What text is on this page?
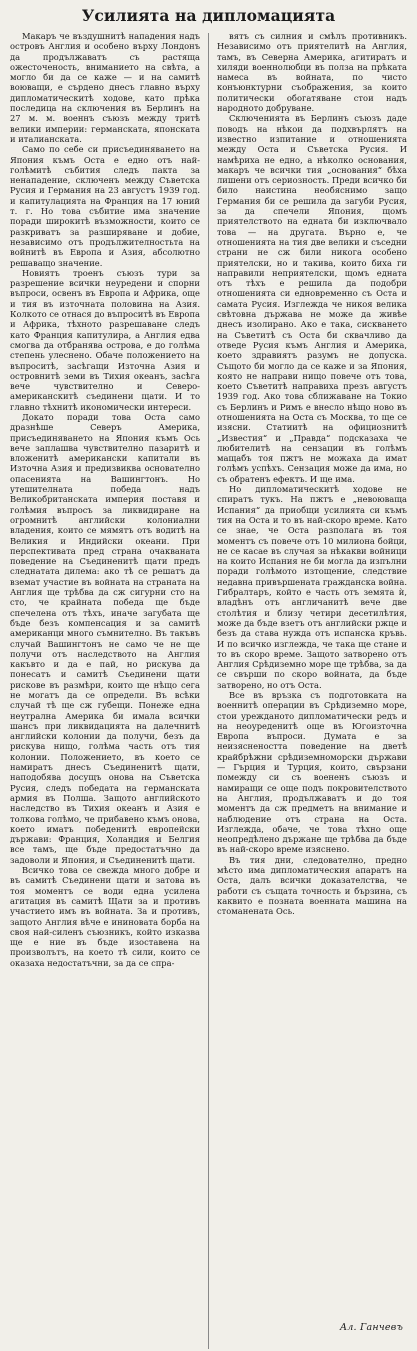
Усилията на дипломацията

Макаръ че въздушнитѣ нападения надъ островъ Англия и особено върху Лондонъ да продължаватъ съ растяща ожесточеность, вниманието на свѣта, а могло би да се каже — и на самитѣ воюващи, е сърдено днесъ главно върху дипломатическитѣ ходове, като прѣка последица на сключения въ Берлинъ на 27 м. м. военнъ съюзъ между тритѣ велики империи: германската, японската и италианската.

Само по себе си присъединяването на Япония къмъ Оста е едно отъ най-голѣмитѣ събития следъ пакта за ненападение, сключенъ между Съветска Русия и Германия на 23 августъ 1939 год. и капитулацията на Франция на 17 юний т. г. Но това събитие има значение поради широкитѣ възможности, които се разкриватъ за разширяване и добие, независимо отъ продължителностьта на войнитѣ въ Европа и Азия, абсолютно решаващо значение.

Новиятъ троенъ съюзъ тури за разрешение всички неуредени и спорни въпроси, освенъ въ Европа и Африка, още и тия въ източната половина на Азия. Колкото се отнася до въпроситѣ въ Европа и Африка, тѣхното разрешаване следъ като Франция капитулира, а Англия едва смогва да отбранява острова, е до голѣма степень улеснено. Обаче положението на въпроситѣ, засѣгащи Източна Азия и островнитѣ земи въ Тихия океанъ, засѣга вече чувствително и Северо-американскитѣ съединени щати. И то главно тѣхнитѣ икономически интереси.

Докато поради това Оста само дразнѣше Северъ Америка, присъединяването на Япония къмъ Ось вече заплашва чувствително пазаритѣ и вложенитѣ американски капитали въ Източна Азия и предизвиква основателно опасенията на Вашингтонъ. Но утешителната победа надъ Великобританската империя поставя и голѣмия въпросъ за ликвидиране на огромнитѣ английски колониални владения, които се мямятъ отъ водитѣ на Великия и Индийски океани. При перспективата пред страна очакваната поведение на Съединенитѣ щати предъ следнатата дилема: ако тѣ се решатъ да вземат участие въ войната на страната на Англия ще трѣбва да сж сигурни сто на сто, че крайната победа ще бъде спечелена отъ тѣхъ, иначе загубата ще бъде безъ компенсация и за самитѣ американци много съмнително. Въ такъвъ случай Вашингтонъ не само че не ще получи отъ наследството на Англия какъвто и да е пай, но рискува да понесатъ и самитѣ Съединени щати рискове въ размѣри, които ще нѣщо сега не могатъ да се определи. Въ всѣки случай тѣ ще сж губещи. Понеже една неутрална Америка би имала всички шансъ при ликвидацията на далечнитѣ английски колонии да получи, безъ да рискува нищо, голѣма часть отъ тия колонии. Положението, въ което се намиратъ днесъ Съединенитѣ щати, наподобява досущъ онова на Съветска Русия, следъ победата на германската армия въ Полша. Защото английското наследство въ Тихия океанъ и Азия е толкова голѣмо, че прибавено къмъ онова, което иматъ победенитѣ европейски държави: Франция, Холандия и Белгия все тамъ, ще бъде предостатъчно да задоволи и Япония, и Съединенитѣ щати.

Всичко това се свежда много добре и въ самитѣ Съединени щати и затова въ тоя моментъ се води една усилена агитация въ самитѣ Щати за и противъ участието имъ въ войната. За и противъ, защото Англия вѣче е ининовата борба на своя най-силенъ съюзникъ, който изказва ще е ние въ бъде изоставена на произволътъ, на което тѣ сили, които се оказаха недостатъчни, за да се спра-

вятъ съ силния и смѣлъ противникъ. Независимо отъ приятелитѣ на Англия, тамъ, въ Северна Америка, агитиратъ и хиляди военнолюбци въ полза на прѣката намеса въ войната, по чисто конъюнктурни съображения, за които политически обогатяване стои надъ народното добруване.

Сключенията въ Берлинъ съюзъ даде поводъ на нѣкои да подхвърлятъ на известно изпитание и отношенията между Оста и Съветска Русия. И намѣриха не едно, а нѣколко основания, макаръ че всички тия „основания“ бѣха лишени отъ сериозность. Преди всичко би било наистина необяснимо защо Германия би се решила да загуби Русия, за да спечели Япония, щомъ приятелството на едната би изключвало това — на другата. Върно е, че отношенията на тия две велики и съседни страни не сж били никога особено приятелски, но и такива, които биха ги направили неприятелски, щомъ едната отъ тѣхъ е решила да подобри отношенията си едновременно съ Оста и самата Русия. Изглежда че никоя велика свѣтовна държава не може да живѣе днесъ изолирано. Ако е така, сискването на Съветитѣ съ Оста би сквачливо да отведе Русия къмъ Англия и Америка, което здравиятъ разумъ не допуска. Същото би могло да се каже и за Япония, която не направи нищо повече отъ това, което Съветитѣ направиха презъ августъ 1939 год. Ако това сближаване на Токио съ Берлинъ и Римъ е внесло нѣщо ново въ отношенията на Оста съ Москва, то ще се изясни. Статиитѣ на официознитѣ „Известия“ и „Правда“ подсказаха че любителитѣ на сензации въ голѣмъ мащабъ тоя пжтъ не можаха да имат голѣмъ успѣхъ. Сензация може да има, но съ обратенъ ефектъ. И ще има.

Но дипломатическитѣ ходове не спиратъ тукъ. На пжтъ е „невоюваща Испания“ да приобщи усилията си къмъ тия на Оста и то въ най-скоро време. Като се знае, че Оста разполага въ тоя моментъ съ повече отъ 10 милиона бойци, не се касае въ случая за нѣкакви войници на които Испания не би могла да изпълни поради голѣмото изтощение, следствие недавна привършената гражданска война. Гибралтаръ, който е часть отъ земята ѝ, владѣнъ отъ англичанитѣ вече две столѣтия и близу четири десетилѣтия, може да бъде взетъ отъ английски ржце и безъ да става нужда отъ испанска кръвь. И по всичко изглежда, че така ще стане и то въ скоро време. Защото затворено отъ Англия Срѣдиземно море ще трѣбва, за да се свърши по скоро войната, да бъде затворено, но отъ Оста.

Все въ връзка съ подготовката на военнитѣ операции въ Срѣдиземно море, стои урежданото дипломатически редъ и на неоуреденитѣ още въ Югоизточна Европа въпроси. Думата е за неизяснеността поведение на дветѣ крайбрѣжни срѣдиземноморски държави — Гърция и Турция, които, свързани помежду си съ воененъ съюзъ и намиращи се още подъ покровителството на Англия, продължаватъ и до тоя моментъ да сж предметъ на внимание и наблюдение отъ страна на Оста. Изглежда, обаче, че това тѣхно още неопредѣлено държане ще трѣбва да бъде въ най-скоро време изяснено.

Въ тия дни, следователно, предно мѣсто има дипломатическия апаратъ на Оста, далъ всички доказателства, че работи съ същата точность и бързина, съ каквито е позната военната машина на стоманената Ось.

Ал. Ганчевъ
